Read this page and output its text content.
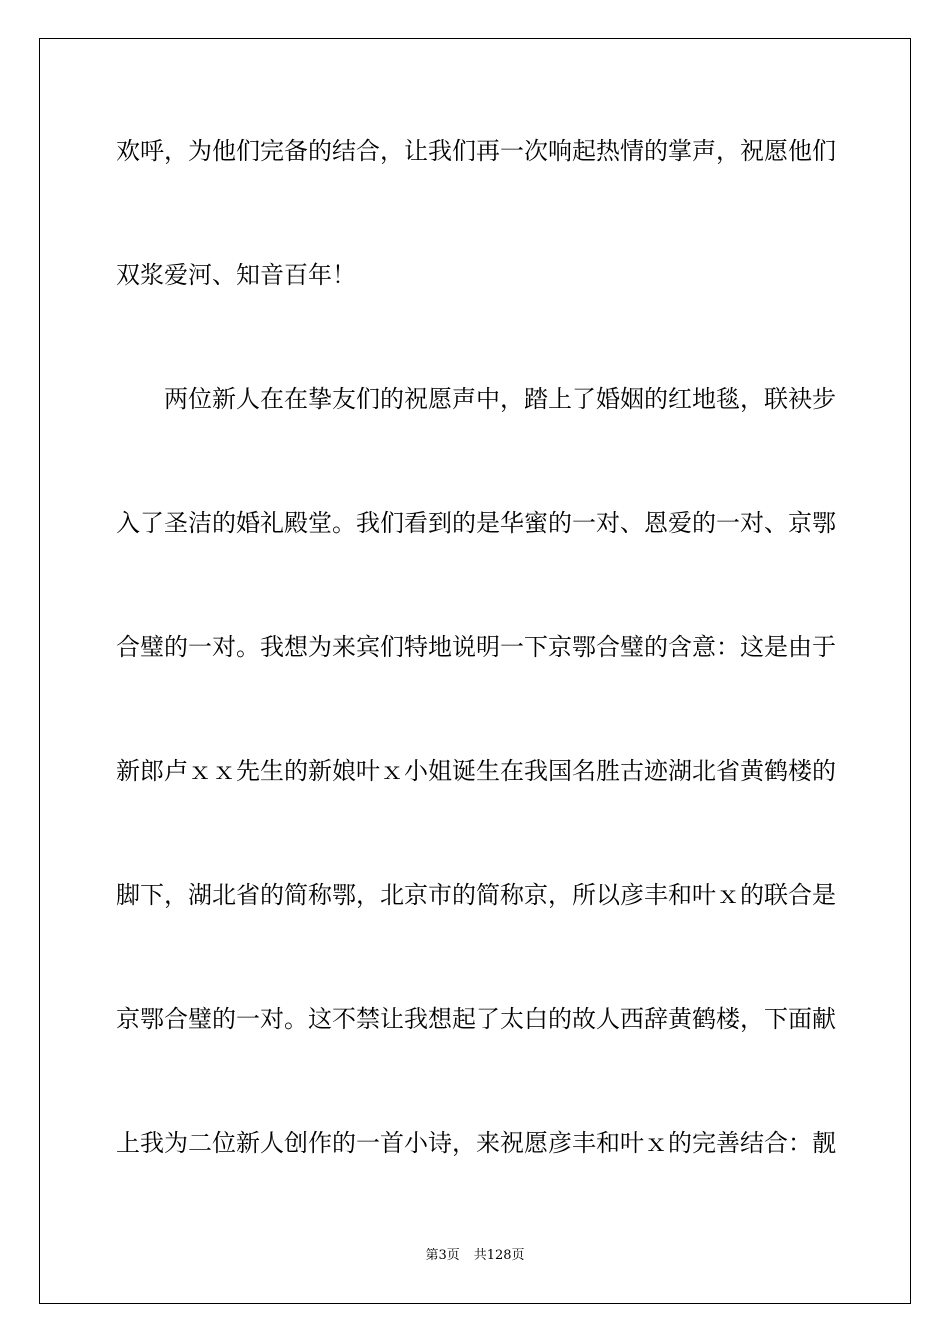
欢呼，为他们完备的结合，让我们再一次响起热情的掌声，祝愿他们
双浆爱河、知音百年！
两位新人在在挚友们的祝愿声中，踏上了婚姻的红地毯，联袂步
入了圣洁的婚礼殿堂。我们看到的是华蜜的一对、恩爱的一对、京鄂
合璧的一对。我想为来宾们特地说明一下京鄂合璧的含意：这是由于
新郎卢ｘｘ先生的新娘叶ｘ小姐诞生在我国名胜古迹湖北省黄鹤楼的
脚下，湖北省的简称鄂，北京市的简称京，所以彦丰和叶ｘ的联合是
京鄂合璧的一对。这不禁让我想起了太白的故人西辞黄鹤楼，下面献
上我为二位新人创作的一首小诗，来祝愿彦丰和叶ｘ的完善结合：靓
第3页 共128页
